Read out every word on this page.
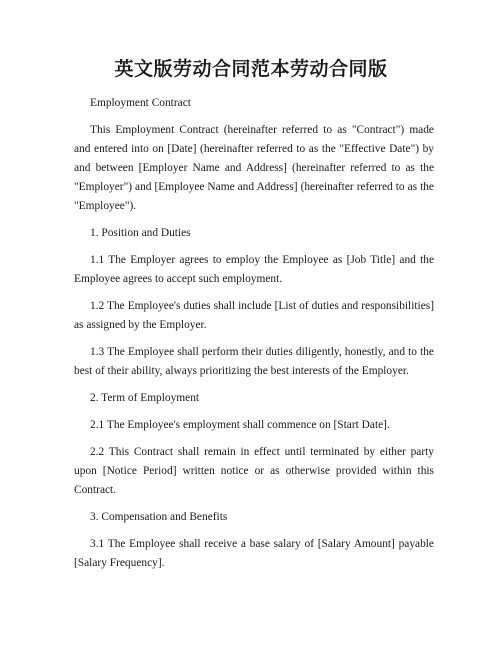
英文版劳动合同范本劳动合同版

Employment Contract

This Employment Contract (hereinafter referred to as "Contract") made and entered into on [Date] (hereinafter referred to as the "Effective Date") by and between [Employer Name and Address] (hereinafter referred to as the "Employer") and [Employee Name and Address] (hereinafter referred to as the "Employee").

1. Position and Duties

1.1 The Employer agrees to employ the Employee as [Job Title] and the Employee agrees to accept such employment.

1.2 The Employee's duties shall include [List of duties and responsibilities] as assigned by the Employer.

1.3 The Employee shall perform their duties diligently, honestly, and to the best of their ability, always prioritizing the best interests of the Employer.

2. Term of Employment

2.1 The Employee's employment shall commence on [Start Date].

2.2 This Contract shall remain in effect until terminated by either party upon [Notice Period] written notice or as otherwise provided within this Contract.

3. Compensation and Benefits

3.1 The Employee shall receive a base salary of [Salary Amount] payable [Salary Frequency].
